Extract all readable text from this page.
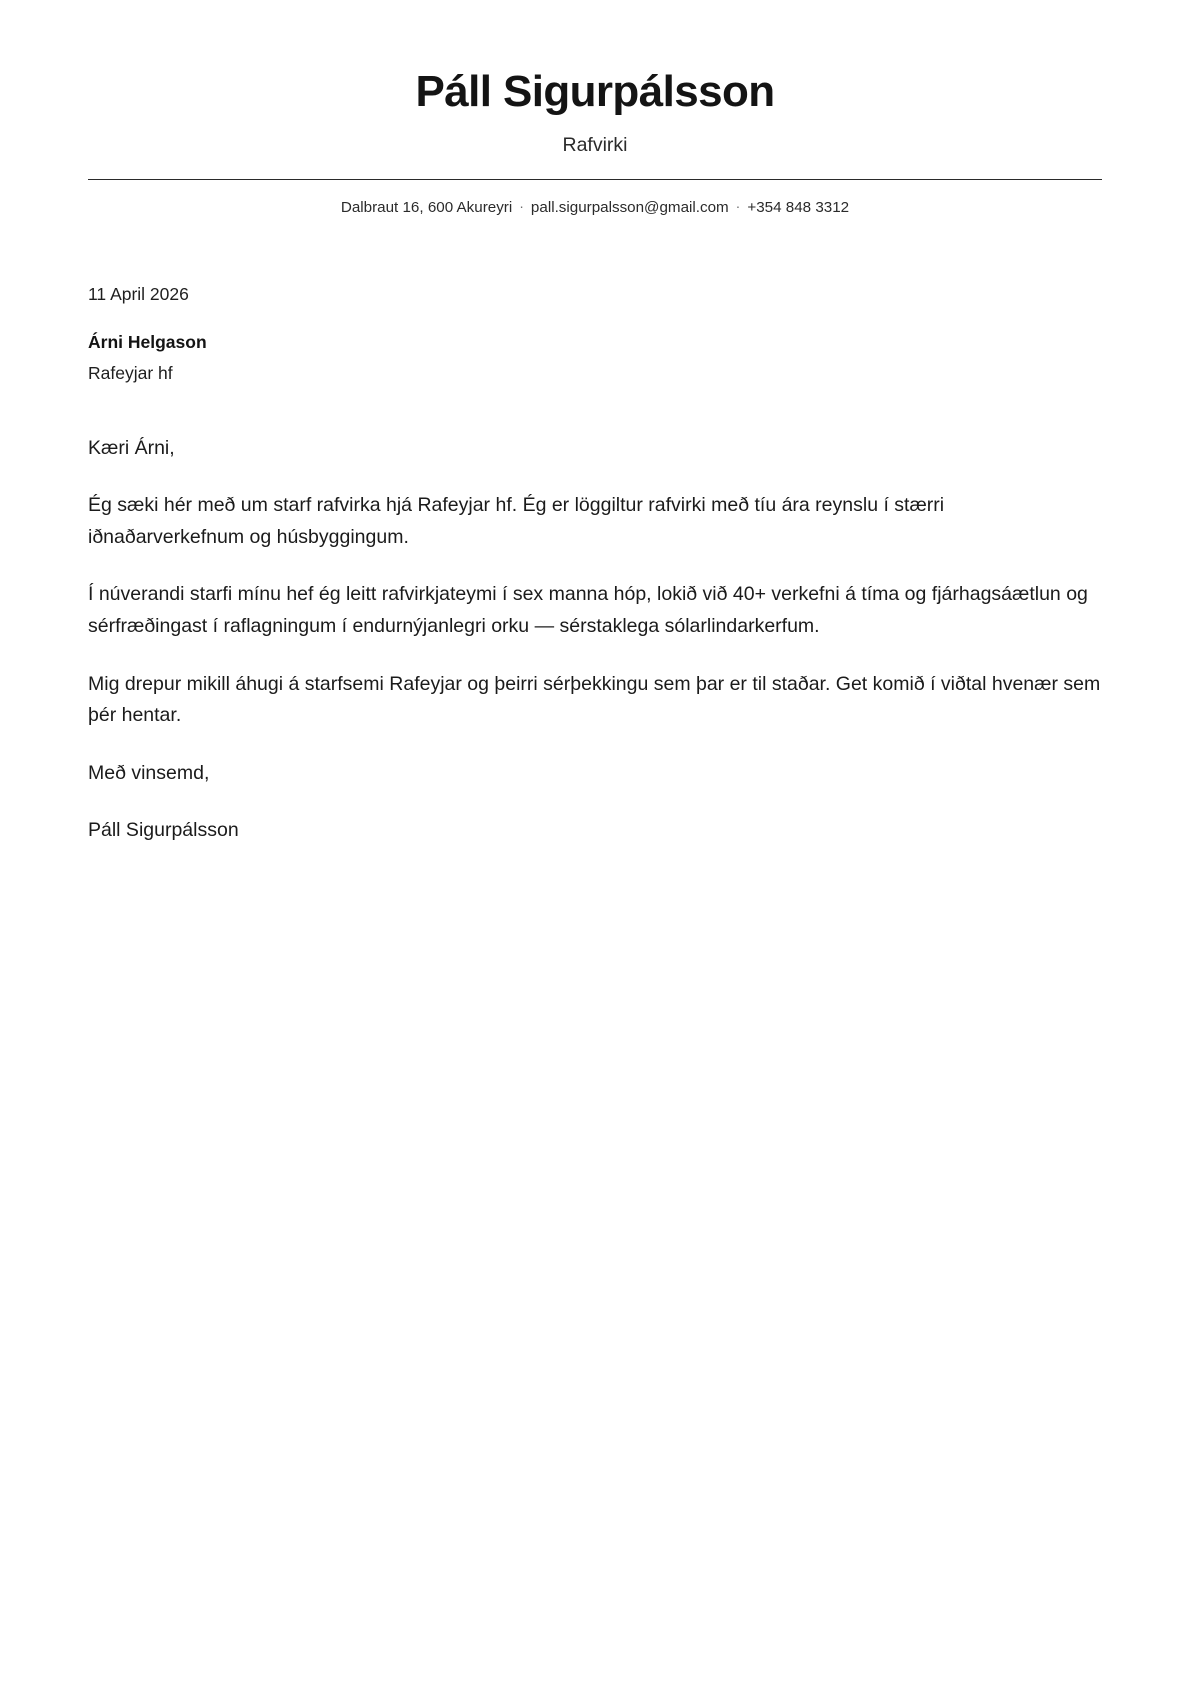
Páll Sigurpálsson
Rafvirki
Dalbraut 16, 600 Akureyri · pall.sigurpalsson@gmail.com · +354 848 3312
11 April 2026
Árni Helgason
Rafeyjar hf

Kæri Árni,

Ég sæki hér með um starf rafvirka hjá Rafeyjar hf. Ég er löggiltur rafvirki með tíu ára reynslu í stærri iðnaðarverkefnum og húsbyggingum.

Í núverandi starfi mínu hef ég leitt rafvirkjateymi í sex manna hóp, lokið við 40+ verkefni á tíma og fjárhagsáætlun og sérfræðingast í raflagningum í endurnýjanlegri orku — sérstaklega sólarlindarkerfum.

Mig drepur mikill áhugi á starfsemi Rafeyjar og þeirri sérþekkingu sem þar er til staðar. Get komið í viðtal hvenær sem þér hentar.

Með vinsemd,

Páll Sigurpálsson
